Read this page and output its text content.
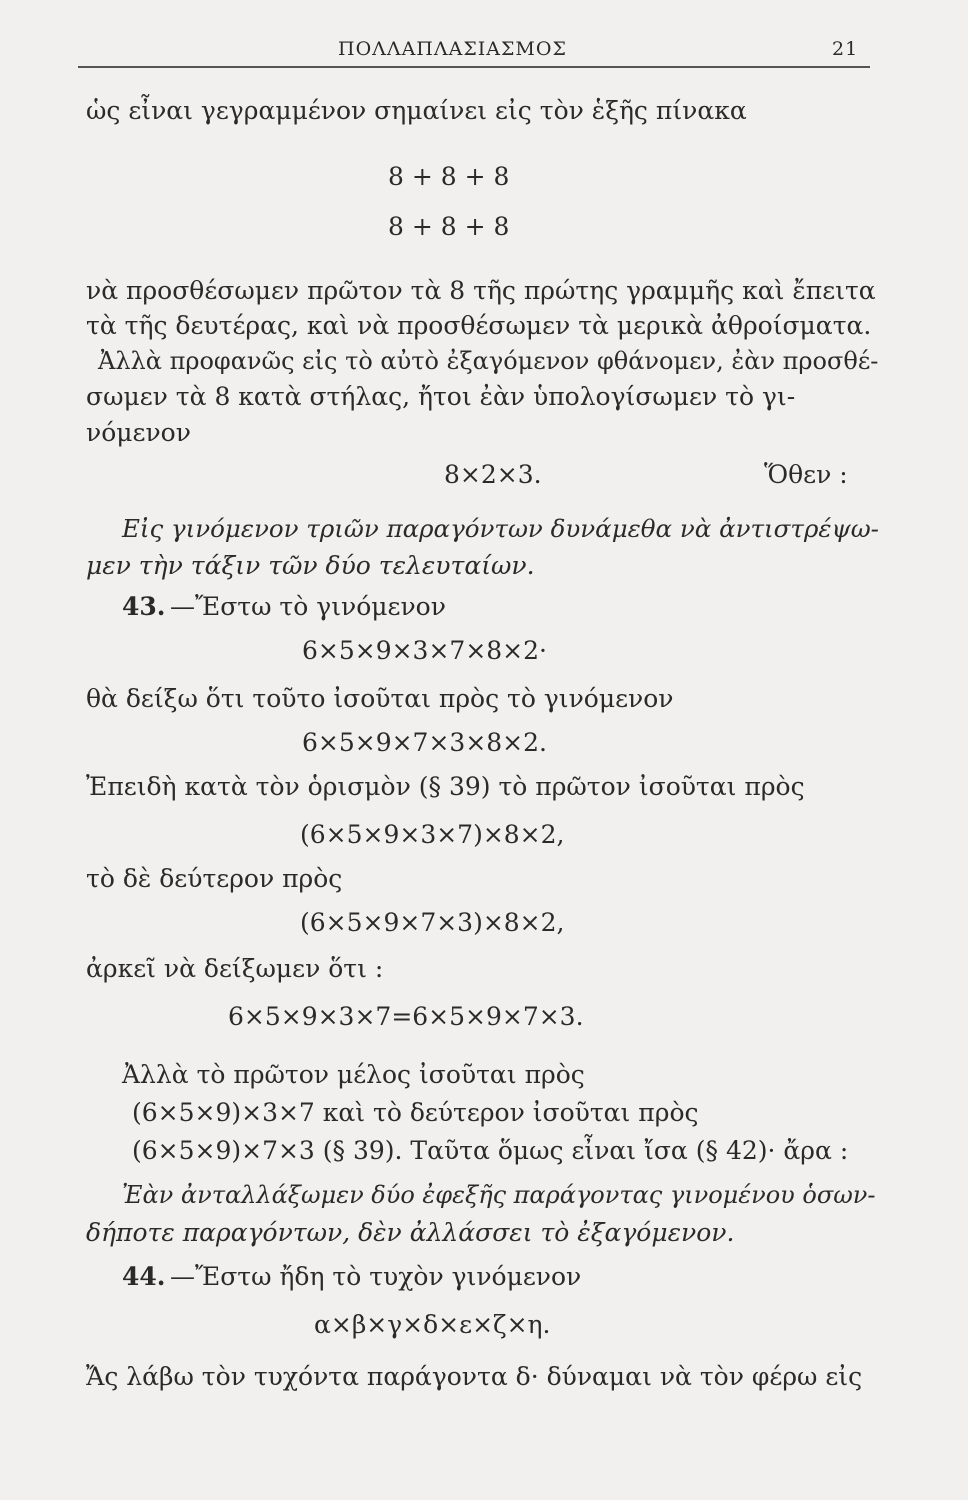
ΠΟΛΛΑΠΛΑΣΙΑΣΜΟΣ	21
ὡς εἶναι γεγραμμένον σημαίνει εἰς τὸν ἑξῆς πίνακα
8 + 8 + 8
8 + 8 + 8
νὰ προσθέσωμεν πρῶτον τὰ 8 τῆς πρώτης γραμμῆς καὶ ἔπειτα
τὰ τῆς δευτέρας, καὶ νὰ προσθέσωμεν τὰ μερικὰ ἀθροίσματα.
Ἀλλὰ προφανῶς εἰς τὸ αὐτὸ ἐξαγόμενον φθάνομεν, ἐὰν προσθέ-
σωμεν τὰ 8 κατὰ στήλας, ἤτοι ἐὰν ὑπολογίσωμεν τὸ γι-
νόμενον
8×2×3.	Ὅθεν :
Εἰς γινόμενον τριῶν παραγόντων δυνάμεθα νὰ ἀντιστρέψω-
μεν τὴν τάξιν τῶν δύο τελευταίων.
43. —Ἔστω τὸ γινόμενον
6×5×9×3×7×8×2·
θὰ δείξω ὅτι τοῦτο ἰσοῦται πρὸς τὸ γινόμενον
6×5×9×7×3×8×2.
Ἐπειδὴ κατὰ τὸν ὁρισμὸν (§ 39) τὸ πρῶτον ἰσοῦται πρὸς
(6×5×9×3×7)×8×2,
τὸ δὲ δεύτερον πρὸς
(6×5×9×7×3)×8×2,
ἀρκεῖ νὰ δείξωμεν ὅτι :
6×5×9×3×7=6×5×9×7×3.
Ἀλλὰ τὸ πρῶτον μέλος ἰσοῦται πρὸς
(6×5×9)×3×7 καὶ τὸ δεύτερον ἰσοῦται πρὸς
(6×5×9)×7×3 (§ 39). Ταῦτα ὅμως εἶναι ἴσα (§ 42)· ἄρα :
Ἐὰν ἀνταλλάξωμεν δύο ἐφεξῆς παράγοντας γινομένου ὁσων-
δήποτε παραγόντων, δὲν ἀλλάσσει τὸ ἐξαγόμενον.
44. —Ἔστω ἤδη τὸ τυχὸν γινόμενον
α×β×γ×δ×ε×ζ×η.
Ἄς λάβω τὸν τυχόντα παράγοντα δ· δύναμαι νὰ τὸν φέρω εἰς
